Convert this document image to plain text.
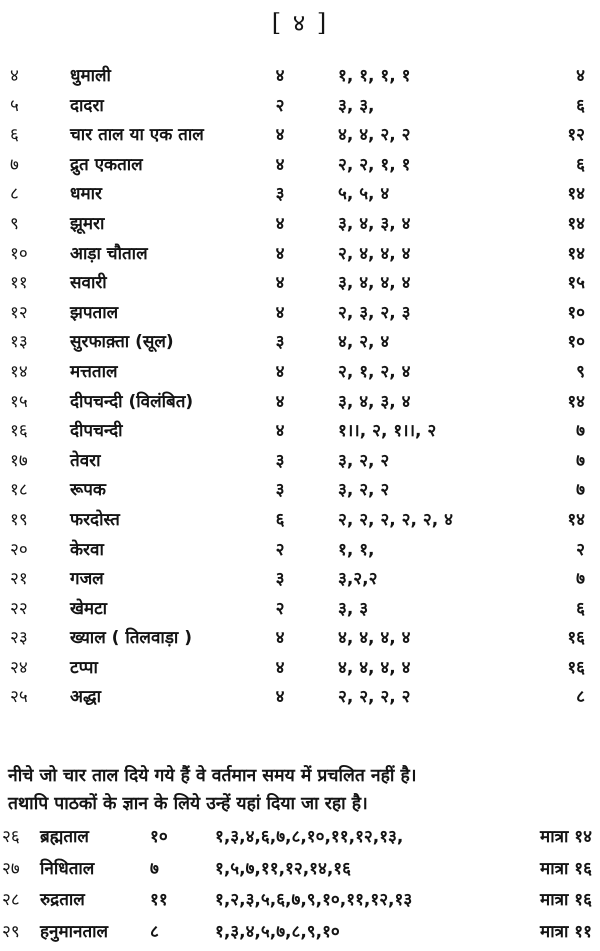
[ ४ ]
४	धुमाली	४	१, १, १, १	४
५	दादरा	२	३, ३,	६
६	चार ताल या एक ताल	४	४, ४, २, २	१२
७	द्रुत एकताल	४	२, २, १, १	६
८	धमार	३	५, ५, ४	१४
९	झूमरा	४	३, ४, ३, ४	१४
१०	आड़ा चौताल	४	२, ४, ४, ४	१४
११	सवारी	४	३, ४, ४, ४	१५
१२	झपताल	४	२, ३, २, ३	१०
१३	सुरफाक़्ता (सूल)	३	४, २, ४	१०
१४	मत्तताल	४	२, १, २, ४	९
१५	दीपचन्दी (विलंबित)	४	३, ४, ३, ४	१४
१६	दीपचन्दी	४	१।।, २, १।।, २	७
१७	तेवरा	३	३, २, २	७
१८	रूपक	३	३, २, २	७
१९	फरदोस्त	६	२, २, २, २, २, ४	१४
२०	केरवा	२	१, १,	२
२१	गजल	३	३,२,२	७
२२	खेमटा	२	३, ३	६
२३	ख्याल ( तिलवाड़ा )	४	४, ४, ४, ४	१६
२४	टप्पा	४	४, ४, ४, ४	१६
२५	अद्धा	४	२, २, २, २	८

नीचे जो चार ताल दिये गये हैं वे वर्तमान समय में प्रचलित नहीं है।

तथापि पाठकों के ज्ञान के लिये उन्हें यहां दिया जा रहा है।

२६ ब्रह्मताल	१०	१,३,४,६,७,८,१०,११,१२,१३,	मात्रा १४
२७ निधिताल	७	१,५,७,११,१२,१४,१६	मात्रा १६
२८ रुद्रताल	११	१,२,३,५,६,७,९,१०,११,१२,१३	मात्रा १६
२९ हनुमानताल ८	१,३,४,५,७,८,९,१०	मात्रा ११
